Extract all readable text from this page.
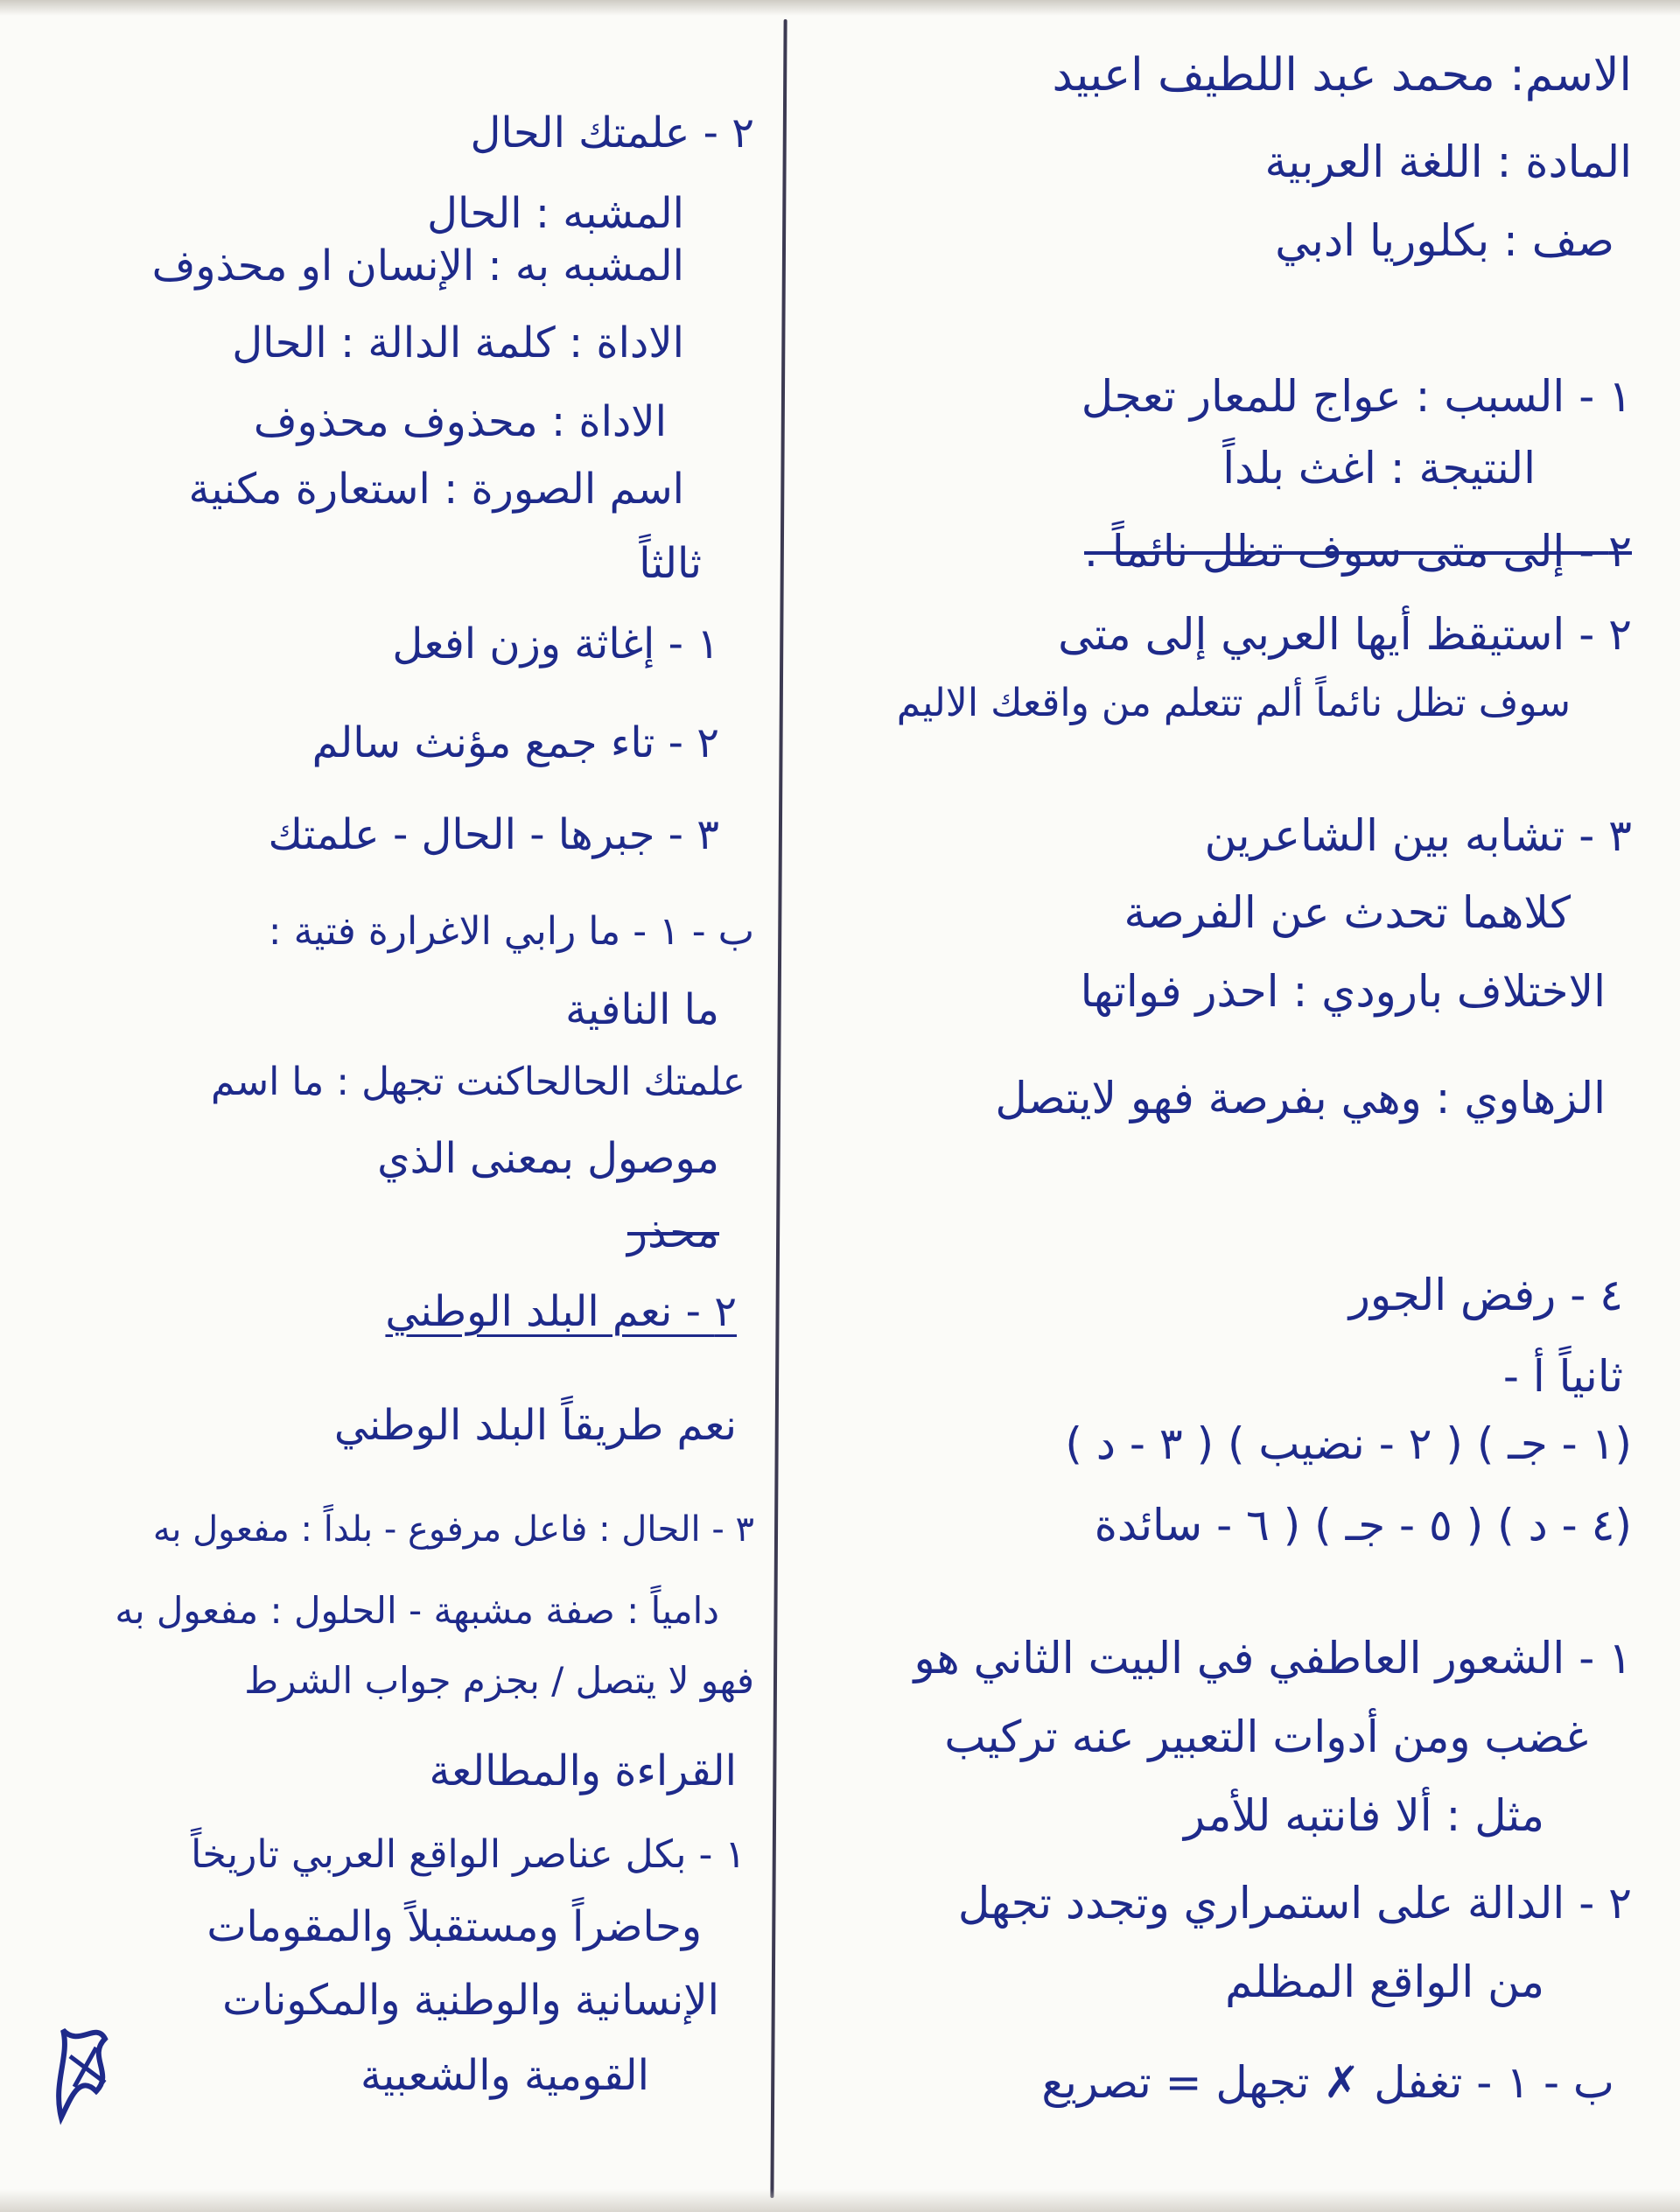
الاسم: محمد عبد اللطيف اعبيد
المادة : اللغة العربية
صف : بكلوريا ادبي
١ - السبب : عواج للمعار تعجل
النتيجة : اغث بلداً
٢ - إلى متى سوف تظل نائماً .
٢ - استيقظ أيها العربي إلى متى
سوف تظل نائماً ألم تتعلم من واقعك الاليم
٣ - تشابه بين الشاعرين
كلاهما تحدث عن الفرصة
الاختلاف بارودي : احذر فواتها
الزهاوي : وهي بفرصة فهو لايتصل
٤ - رفض الجور
ثانياً أ -
(١ - جـ ) ( ٢ - نضيب ) ( ٣ - د )
(٤ - د ) ( ٥ - جـ ) ( ٦ - سائدة
١ - الشعور العاطفي في البيت الثاني هو
غضب ومن أدوات التعبير عنه تركيب
مثل : ألا فانتبه للأمر
٢ - الدالة على استمراري وتجدد تجهل
من الواقع المظلم
ب - ١ - تغفل ✗ تجهل = تصريع
٢ - علمتك الحال
المشبه : الحال
المشبه به : الإنسان او محذوف
الاداة : كلمة الدالة : الحال
الاداة : محذوف محذوف
اسم الصورة : استعارة مكنية
ثالثاً
١ - إغاثة وزن افعل
٢ - تاء جمع مؤنث سالم
٣ - جبرها - الحال - علمتك
ب - ١ - ما رابي الاغرارة فتية :
ما النافية
علمتك الحالحاكنت تجهل : ما اسم
موصول بمعنى الذي
محذر
٢ - نعم البلد الوطني
نعم طريقاً البلد الوطني
٣ - الحال : فاعل مرفوع - بلداً : مفعول به
دامياً : صفة مشبهة - الحلول : مفعول به
فهو لا يتصل / بجزم جواب الشرط
القراءة والمطالعة
١ - بكل عناصر الواقع العربي تاريخاً
وحاضراً ومستقبلاً والمقومات
الإنسانية والوطنية والمكونات
القومية والشعبية
